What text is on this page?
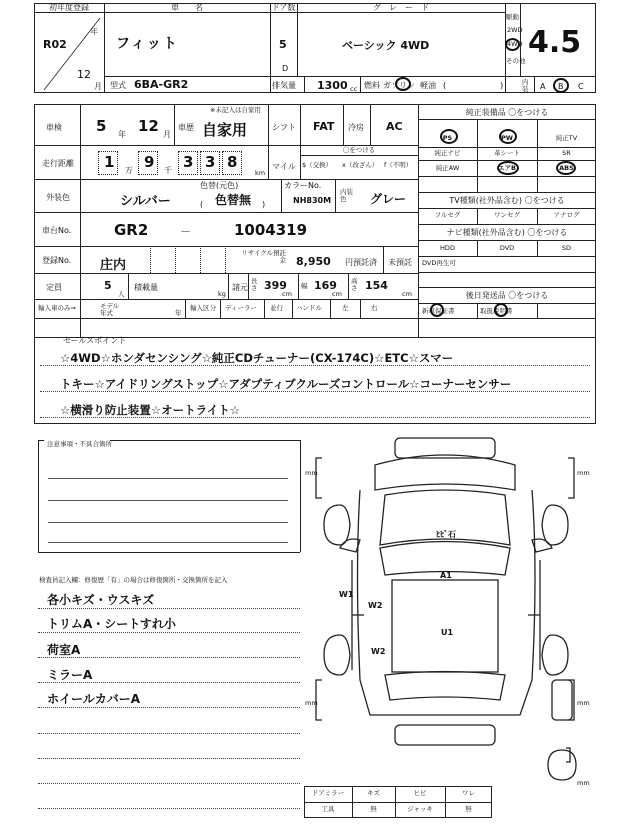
初年度登録
R02
年
12
月
車　　名
フィット
型式 6BA-GR2
ドア数
5
D
排気量 1300 cc 燃料 ガソリン 軽油 (	)
グ　レ　ー　ド
ベーシック 4WD
駆動
2WD
4WD
その他
4.5
内装	A B C
車検 5 年 12 月
車歴
※未記入は自家用
自家用	シフト FAT 冷房 AC
走行距離 1 万 9 千 3 3 8
km
マイル
〇をつける
$（交換）	x（改ざん） f（不明）
外装色	シルバー
色替(元色)
色替無
(	)
カラーNo.
NH830M
内装色	グレー
車台No.	GR2	－	1004319
登録No. 庄内
リサイクル預託金 8,950 円預託済 未預託
定員	5
人
積載量
kg
諸元
長さ 399
cm
幅 169
cm
高さ 154
cm
輸入車のみ⇒	モデル年式	年
輸入区分 ディーラー 並行 ハンドル	左	右
純正装備品 〇をつける
PS	PW	純正TV
純正ナビ	革シート	SR
純正AW	エアB	ABS
TV種類(社外品含む) 〇をつける
フルセグ	ワンセグ	アナログ
ナビ種類(社外品含む) 〇をつける
HDD	DVD	SD
DVD再生可
後日発送品 〇をつける
新車保証書	取扱説明書
セールスポイント
☆4WD☆ホンダセンシング☆純正CDチューナー(CX-174C)☆ETC☆スマー
トキー☆アイドリングストップ☆アダプティブクルーズコントロール☆コーナーセンサー
☆横滑り防止装置☆オートライト☆
注意事項・不具合箇所
検査員記入欄：修復歴「有」の場合は修復箇所・交換箇所を記入
各小キズ・ウスキズ
トリムA・シートすれ小
荷室A
ミラーA
ホイールカバーA
mm	mm
mm	mm
mm
ﾋﾋﾞ石
A1
W1
W2
U1
W2
ドアミラー	キズ	ヒビ	ワレ
工具	無	ジャッキ	無
